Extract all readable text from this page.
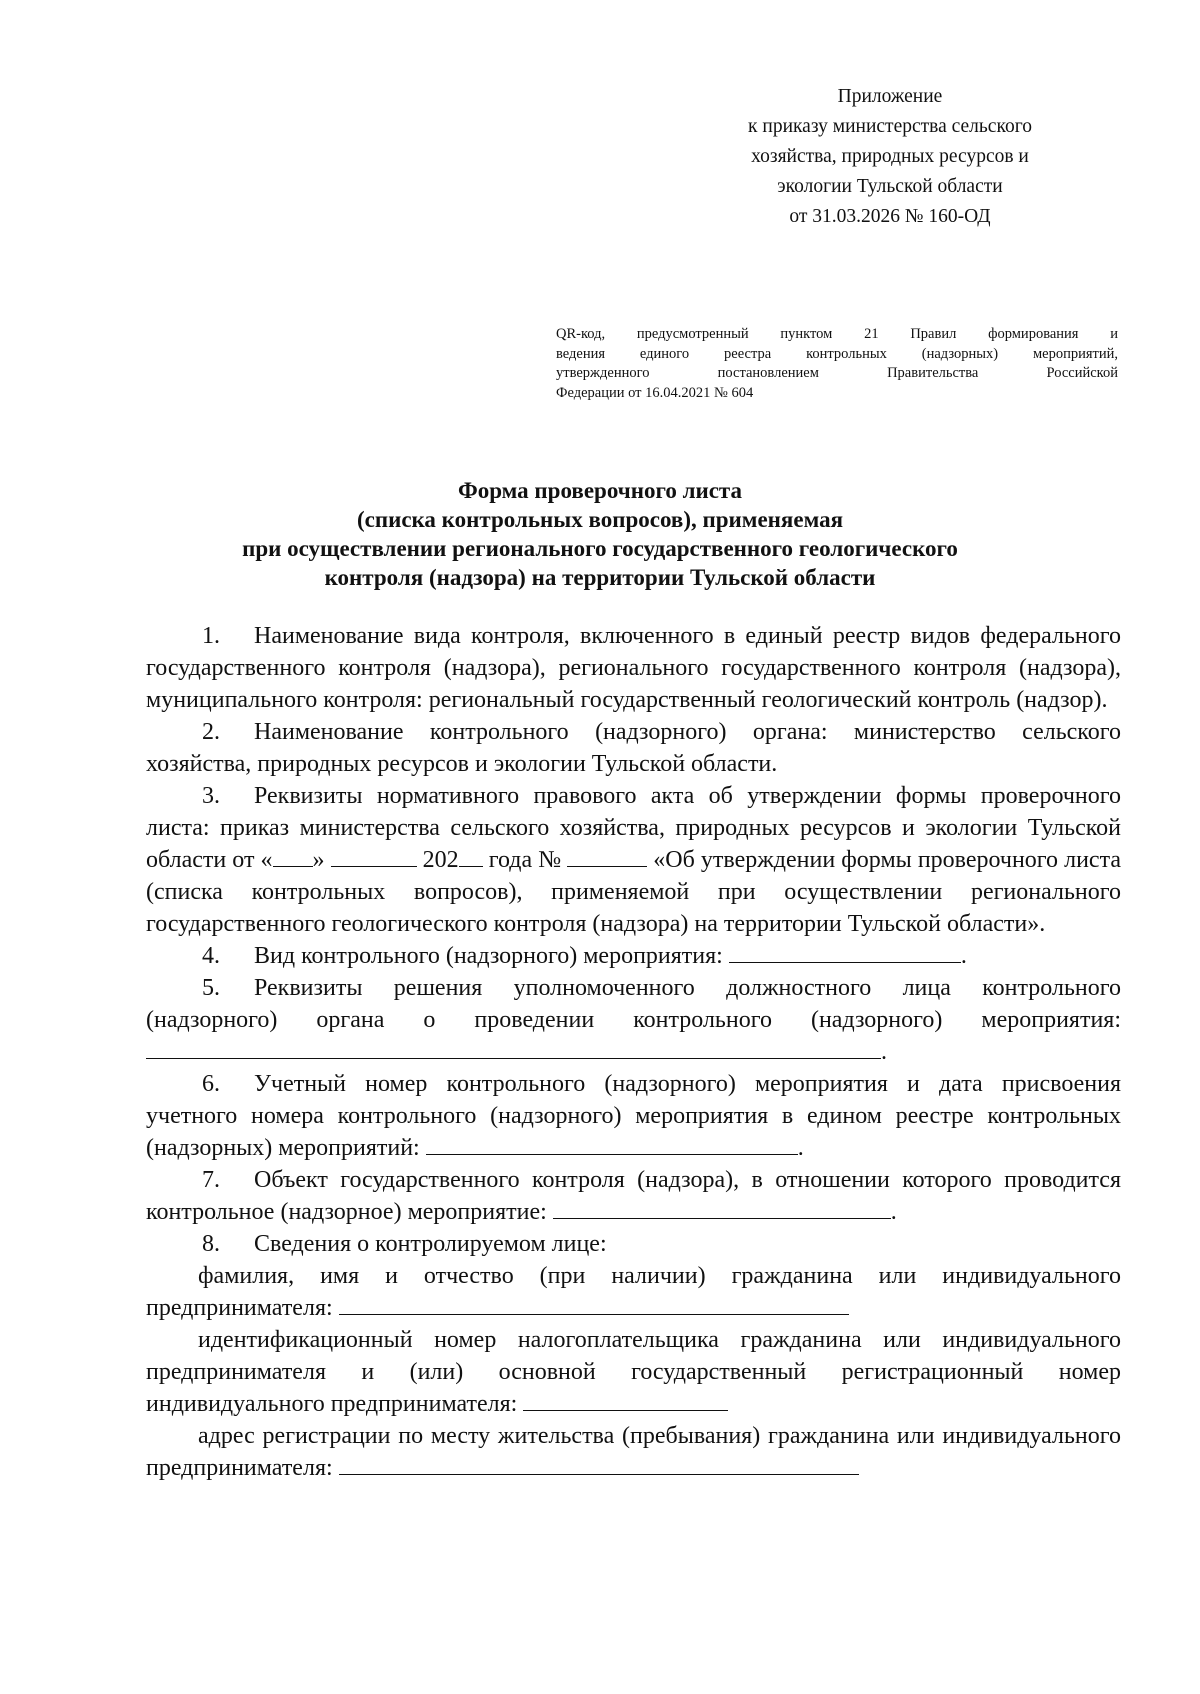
Приложение
к приказу министерства сельского
хозяйства, природных ресурсов и
экологии Тульской области
от 31.03.2026 № 160-ОД
QR-код, предусмотренный пунктом 21 Правил формирования и
ведения единого реестра контрольных (надзорных) мероприятий,
утвержденного постановлением Правительства Российской
Федерации от 16.04.2021 № 604
Форма проверочного листа
(списка контрольных вопросов), применяемая
при осуществлении регионального государственного геологического
контроля (надзора) на территории Тульской области

1. Наименование вида контроля, включенного в единый реестр видов федерального государственного контроля (надзора), регионального государственного контроля (надзора), муниципального контроля: региональный государственный геологический контроль (надзор).

2. Наименование контрольного (надзорного) органа: министерство сельского хозяйства, природных ресурсов и экологии Тульской области.

3. Реквизиты нормативного правового акта об утверждении формы проверочного листа: приказ министерства сельского хозяйства, природных ресурсов и экологии Тульской области от « »	202 года №	«Об утверждении формы проверочного листа (списка контрольных вопросов), применяемой при осуществлении регионального государственного геологического контроля (надзора) на территории Тульской области».

4. Вид контрольного (надзорного) мероприятия:	.

5. Реквизиты решения уполномоченного должностного лица контрольного (надзорного) органа о проведении контрольного (надзорного) мероприятия: .

6. Учетный номер контрольного (надзорного) мероприятия и дата присвоения учетного номера контрольного (надзорного) мероприятия в едином реестре контрольных (надзорных) мероприятий:	.

7. Объект государственного контроля (надзора), в отношении которого проводится контрольное (надзорное) мероприятие:	.

8. Сведения о контролируемом лице:

фамилия, имя и отчество (при наличии) гражданина или индивидуального предпринимателя:

идентификационный номер налогоплательщика гражданина или индивидуального предпринимателя и (или) основной государственный регистрационный номер индивидуального предпринимателя:

адрес регистрации по месту жительства (пребывания) гражданина или индивидуального предпринимателя:
